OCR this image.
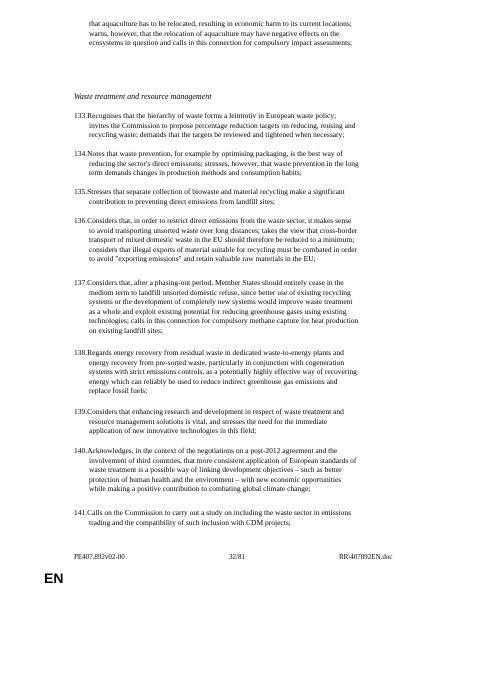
that aquaculture has to be relocated, resulting in economic harm to its current locations;
warns, however, that the relocation of aquaculture may have negative effects on the
ecosystems in question and calls in this connection for compulsory impact assessments;
Waste treatment and resource management
133.Recognises that the hierarchy of waste forms a leitmotiv in European waste policy;
invites the Commission to propose percentage reduction targets on reducing, reusing and
recycling waste; demands that the targets be reviewed and tightened when necessary;
134.Notes that waste prevention, for example by optimising packaging, is the best way of
reducing the sector's direct emissions; stresses, however, that waste prevention in the long
term demands changes in production methods and consumption habits;
135.Stresses that separate collection of biowaste and material recycling make a significant
contribution to preventing direct emissions from landfill sites;
136.Considers that, in order to restrict direct emissions from the waste sector, it makes sense
to avoid transporting unsorted waste over long distances; takes the view that cross-border
transport of mixed domestic waste in the EU should therefore be reduced to a minimum;
considers that illegal exports of material suitable for recycling must be combated in order
to avoid "exporting emissions" and retain valuable raw materials in the EU;
137.Considers that, after a phasing-out period, Member States should entirely cease in the
medium term to landfill unsorted domestic refuse, since better use of existing recycling
systems or the development of completely new systems would improve waste treatment
as a whole and exploit existing potential for reducing greenhouse gases using existing
technologies; calls in this connection for compulsory methane capture for heat production
on existing landfill sites;
138.Regards energy recovery from residual waste in dedicated waste-to-energy plants and
energy recovery from pre-sorted waste, particularly in conjunction with cogeneration
systems with strict emissions controls, as a potentially highly effective way of recovering
energy which can reliably be used to reduce indirect greenhouse gas emissions and
replace fossil fuels;
139.Considers that enhancing research and development in respect of waste treatment and
resource management solutions is vital, and stresses the need for the immediate
application of new innovative technologies in this field;
140.Acknowledges, in the context of the negotiations on a post-2012 agreement and the
involvement of third countries, that more consistent application of European standards of
waste treatment is a possible way of linking development objectives – such as better
protection of human health and the environment – with new economic opportunities
while making a positive contribution to combating global climate change;
141.Calls on the Commission to carry out a study on including the waste sector in emissions
trading and the compatibility of such inclusion with CDM projects;
PE407.892v02-00	32/81	RR\407892EN.doc
EN
